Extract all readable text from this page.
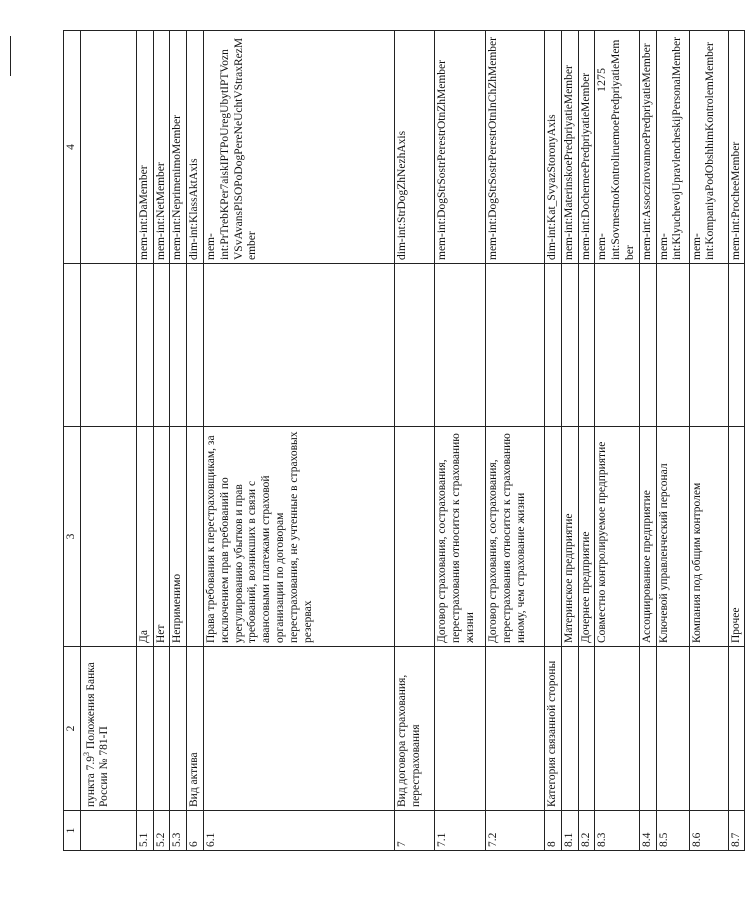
1275
1	2	3		4
	пункта $7.9^3$ Положения Банка России № 781-П			
5.1		Да		mem-int:DaMember
5.2		Нет		mem-int:NetMember
5.3		Неприменимо		mem-int:NeprimenimoMember
6	Вид актива			dim-int:KlassAktAxis
6.1		Права требования к перестраховщикам, за исключением прав требований по урегулированию убытков и прав требований, возникших в связи с авансовыми платежами страховой организации по договорам перестрахования, не учтенные в страховых резервах		mem-int:PrTrebKPer7aiskIPTPoUregUbytIPTVozn VSvAvansPlSOPoDogPereNeUchtVStraxRezMember
7	Вид договора страхования, перестрахования			dim-int:StrDogZhNezhAxis
7.1		Договор страхования, сострахования, перестрахования относится к страхованию жизни		mem-int:DogStrSostrPerestrOtnZhMember
7.2		Договор страхования, сострахования, перестрахования относится к страхованию иному, чем страхование жизни		mem-int:DogStrSostrPerestrOtnInChZhMember
8	Категория связанной стороны			dim-int:Kat_SvyazStoronyAxis
8.1		Материнское предприятие		mem-int:MaterinskoePredpriyatieMember
8.2		Дочернее предприятие		mem-int:DocherneePredpriyatieMember
8.3		Совместно контролируемое предприятие		mem-int:SovmestnoKontroliruemoePredpriyatieMember
8.4		Ассоциированное предприятие		mem-int:AssoczirovannoePredpriyatieMember
8.5		Ключевой управленческий персонал		mem-int:KlyuchevojUpravlencheskijPersonalMember
8.6		Компания под общим контролем		mem-int:KompaniyaPodObshhimKontrolemMember
8.7		Прочее		mem-int:ProcheeMember
